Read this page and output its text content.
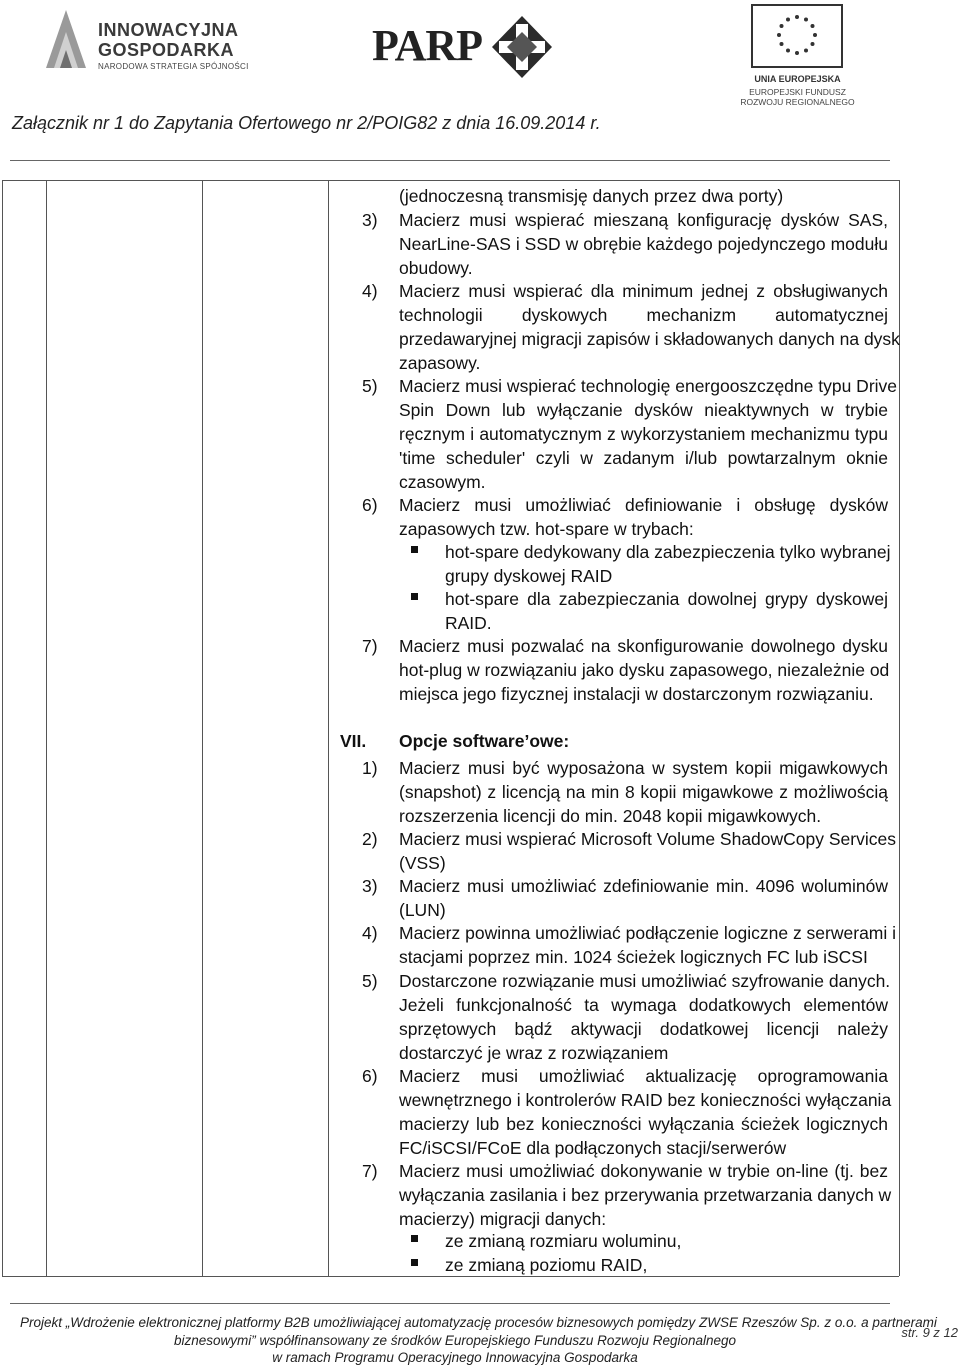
INNOWACYJNA
GOSPODARKA
NARODOWA STRATEGIA SPÓJNOŚCI	PARP
UNIA EUROPEJSKA
EUROPEJSKI FUNDUSZ
ROZWOJU REGIONALNEGO
Załącznik nr 1 do Zapytania Ofertowego nr 2/POIG82 z dnia 16.09.2014 r.
(jednoczesną transmisję danych przez dwa porty)
3) Macierz musi wspierać mieszaną konfigurację dysków SAS,
NearLine-SAS i SSD w obrębie każdego pojedynczego modułu
obudowy.
4) Macierz musi wspierać dla minimum jednej z obsługiwanych
technologii dyskowych mechanizm automatycznej
przedawaryjnej migracji zapisów i składowanych danych na dysk
zapasowy.
5) Macierz musi wspierać technologię energooszczędne typu Drive
Spin Down lub wyłączanie dysków nieaktywnych w trybie
ręcznym i automatycznym z wykorzystaniem mechanizmu typu
'time scheduler' czyli w zadanym i/lub powtarzalnym oknie
czasowym.
6) Macierz musi umożliwiać definiowanie i obsługę dysków
zapasowych tzw. hot-spare w trybach:
hot-spare dedykowany dla zabezpieczenia tylko wybranej
grupy dyskowej RAID
hot-spare dla zabezpieczania dowolnej grypy dyskowej
RAID.
7) Macierz musi pozwalać na skonfigurowanie dowolnego dysku
hot-plug w rozwiązaniu jako dysku zapasowego, niezależnie od
miejsca jego fizycznej instalacji w dostarczonym rozwiązaniu.
VII. Opcje software’owe:
1) Macierz musi być wyposażona w system kopii migawkowych
(snapshot) z licencją na min 8 kopii migawkowe z możliwością
rozszerzenia licencji do min. 2048 kopii migawkowych.
2) Macierz musi wspierać Microsoft Volume ShadowCopy Services
(VSS)
3) Macierz musi umożliwiać zdefiniowanie min. 4096 woluminów
(LUN)
4) Macierz powinna umożliwiać podłączenie logiczne z serwerami i
stacjami poprzez min. 1024 ścieżek logicznych FC lub iSCSI
5) Dostarczone rozwiązanie musi umożliwiać szyfrowanie danych.
Jeżeli funkcjonalność ta wymaga dodatkowych elementów
sprzętowych bądź aktywacji dodatkowej licencji należy
dostarczyć je wraz z rozwiązaniem
6) Macierz musi umożliwiać aktualizację oprogramowania
wewnętrznego i kontrolerów RAID bez konieczności wyłączania
macierzy lub bez konieczności wyłączania ścieżek logicznych
FC/iSCSI/FCoE dla podłączonych stacji/serwerów
7) Macierz musi umożliwiać dokonywanie w trybie on-line (tj. bez
wyłączania zasilania i bez przerywania przetwarzania danych w
macierzy) migracji danych:
ze zmianą rozmiaru woluminu,
ze zmianą poziomu RAID,
Projekt „Wdrożenie elektronicznej platformy B2B umożliwiającej automatyzację procesów biznesowych pomiędzy ZWSE Rzeszów Sp. z o.o. a partnerami
biznesowymi” współfinansowany ze środków Europejskiego Funduszu Rozwoju Regionalnego
w ramach Programu Operacyjnego Innowacyjna Gospodarka
str. 9 z 12
